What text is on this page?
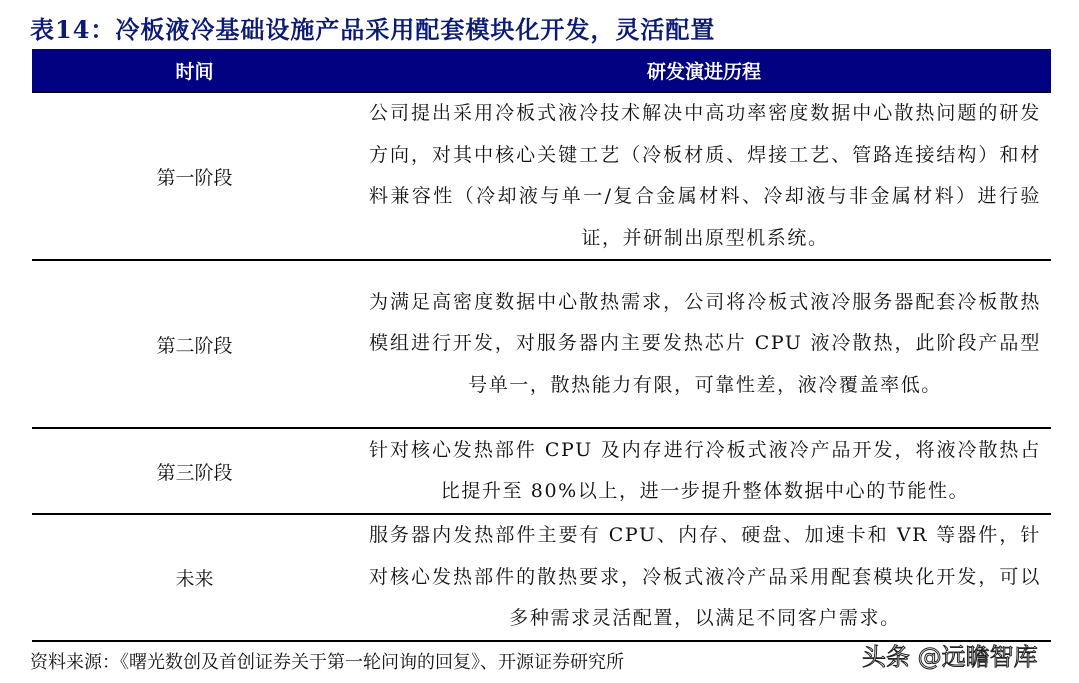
表14：冷板液冷基础设施产品采用配套模块化开发，灵活配置
时间	研发演进历程
第一阶段
公司提出采用冷板式液冷技术解决中高功率密度数据中心散热问题的研发方向，对其中核心关键工艺（冷板材质、焊接工艺、管路连接结构）和材料兼容性（冷却液与单一/复合金属材料、冷却液与非金属材料）进行验证，并研制出原型机系统。
第二阶段
为满足高密度数据中心散热需求，公司将冷板式液冷服务器配套冷板散热模组进行开发，对服务器内主要发热芯片 CPU 液冷散热，此阶段产品型号单一，散热能力有限，可靠性差，液冷覆盖率低。
第三阶段
针对核心发热部件 CPU 及内存进行冷板式液冷产品开发，将液冷散热占比提升至 80%以上，进一步提升整体数据中心的节能性。
未来
服务器内发热部件主要有 CPU、内存、硬盘、加速卡和 VR 等器件，针对核心发热部件的散热要求，冷板式液冷产品采用配套模块化开发，可以多种需求灵活配置，以满足不同客户需求。
资料来源：《曙光数创及首创证券关于第一轮问询的回复》、开源证券研究所	头条 @远瞻智库
